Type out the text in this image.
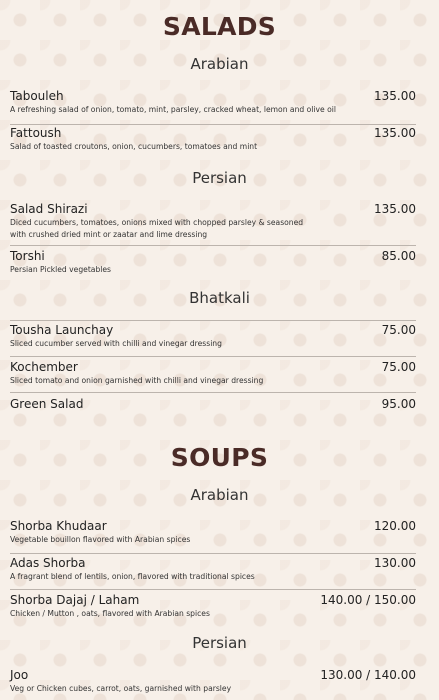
SALADS
Arabian
Tabouleh	135.00
A refreshing salad of onion, tomato, mint, parsley, cracked wheat, lemon and olive oil
Fattoush	135.00
Salad of toasted croutons, onion, cucumbers, tomatoes and mint
Persian
Salad Shirazi	135.00
Diced cucumbers, tomatoes, onions mixed with chopped parsley & seasoned
with crushed dried mint or zaatar and lime dressing
Torshi	85.00
Persian Pickled vegetables
Bhatkali
Tousha Launchay	75.00
Sliced cucumber served with chilli and vinegar dressing
Kochember	75.00
Sliced tomato and onion garnished with chilli and vinegar dressing
Green Salad	95.00
SOUPS
Arabian
Shorba Khudaar	120.00
Vegetable bouillon flavored with Arabian spices
Adas Shorba	130.00
A fragrant blend of lentils, onion, flavored with traditional spices
Shorba Dajaj / Laham	140.00 / 150.00
Chicken / Mutton , oats, flavored with Arabian spices
Persian
Joo	130.00 / 140.00
Veg or Chicken cubes, carrot, oats, garnished with parsley
